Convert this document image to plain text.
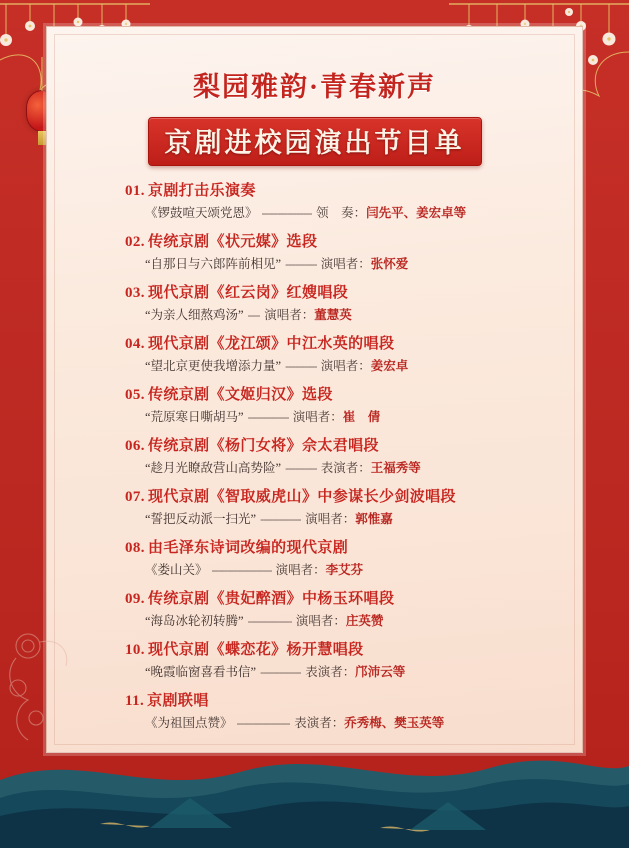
梨园雅韵·青春新声
京剧进校园演出节目单
01. 京剧打击乐演奏
《锣鼓喧天颂党恩》 ---------------- 领　奏： 闫先平、姜宏卓等
02. 传统京剧《状元媒》选段
“自那日与六郎阵前相见” ---------- 演唱者： 张怀爱
03. 现代京剧《红云岗》红嫂唱段
“为亲人细熬鸡汤” ---- 演唱者： 董慧英
04. 现代京剧《龙江颂》中江水英的唱段
“望北京更使我增添力量” ---------- 演唱者： 姜宏卓
05. 传统京剧《文姬归汉》选段
“荒原寒日嘶胡马” ------------- 演唱者： 崔　倩
06. 传统京剧《杨门女将》佘太君唱段
“趁月光瞭敌营山高势险” ---------- 表演者： 王福秀等
07. 现代京剧《智取威虎山》中参谋长少剑波唱段
“誓把反动派一扫光” ------------- 演唱者： 郭惟嘉
08. 由毛泽东诗词改编的现代京剧
《娄山关》 ------------------- 演唱者： 李艾芬
09. 传统京剧《贵妃醉酒》中杨玉环唱段
“海岛冰轮初转腾” -------------- 演唱者： 庄英赞
10. 现代京剧《蝶恋花》杨开慧唱段
“晚霞临窗喜看书信” ------------- 表演者： 邝沛云等
11. 京剧联唱
《为祖国点赞》 ----------------- 表演者： 乔秀梅、樊玉英等
